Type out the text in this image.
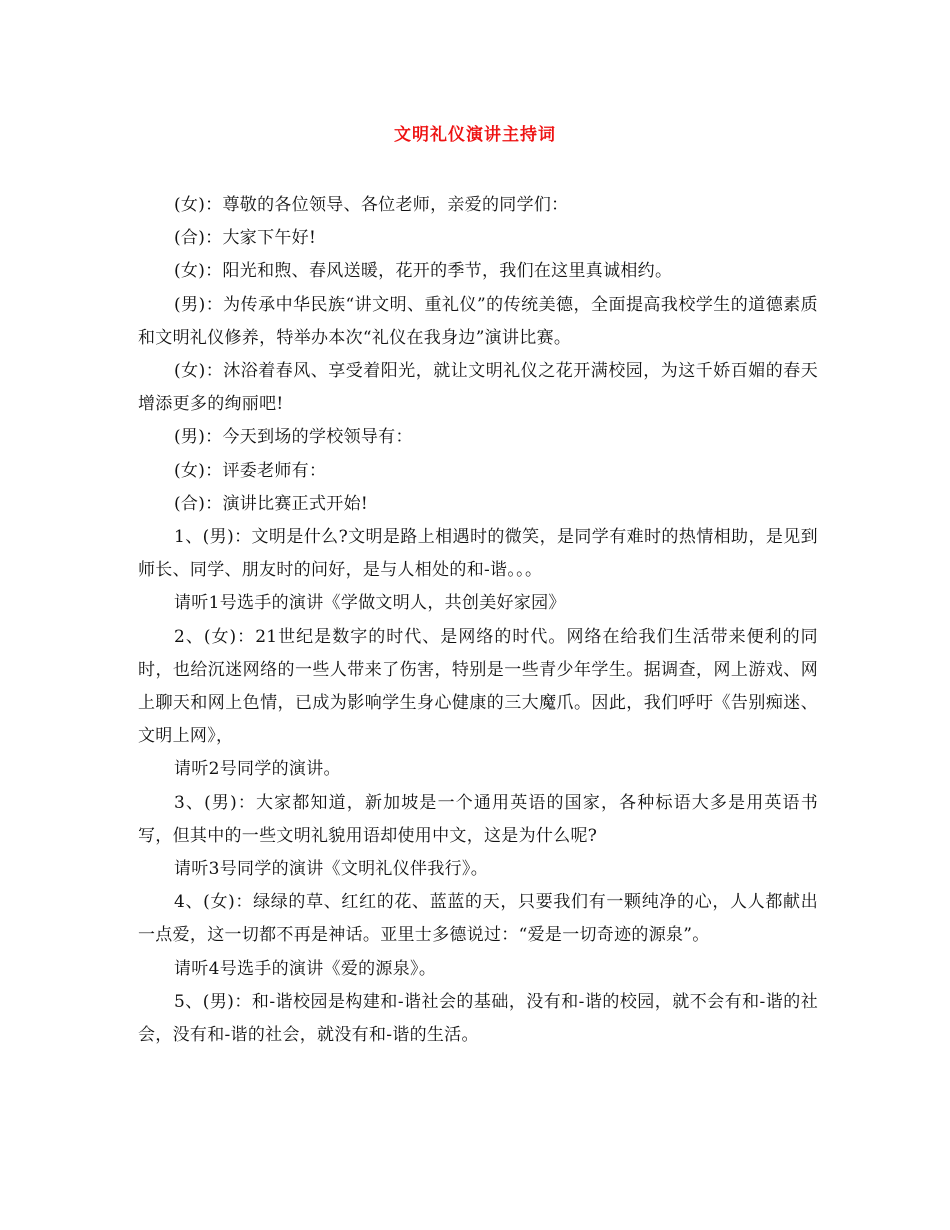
文明礼仪演讲主持词

(女)：尊敬的各位领导、各位老师，亲爱的同学们：

(合)：大家下午好!

(女)：阳光和煦、春风送暖，花开的季节，我们在这里真诚相约。

(男)：为传承中华民族“讲文明、重礼仪”的传统美德，全面提高我校学生的道德素质和文明礼仪修养，特举办本次“礼仪在我身边”演讲比赛。

(女)：沐浴着春风、享受着阳光，就让文明礼仪之花开满校园，为这千娇百媚的春天增添更多的绚丽吧!

(男)：今天到场的学校领导有：

(女)：评委老师有：

(合)：演讲比赛正式开始!

1、(男)：文明是什么?文明是路上相遇时的微笑，是同学有难时的热情相助，是见到师长、同学、朋友时的问好，是与人相处的和-谐。。。

请听1号选手的演讲《学做文明人，共创美好家园》

2、(女)：21世纪是数字的时代、是网络的时代。网络在给我们生活带来便利的同时，也给沉迷网络的一些人带来了伤害，特别是一些青少年学生。据调查，网上游戏、网上聊天和网上色情，已成为影响学生身心健康的三大魔爪。因此，我们呼吁《告别痴迷、文明上网》，

请听2号同学的演讲。

3、(男)：大家都知道，新加坡是一个通用英语的国家，各种标语大多是用英语书写，但其中的一些文明礼貌用语却使用中文，这是为什么呢?

请听3号同学的演讲《文明礼仪伴我行》。

4、(女)：绿绿的草、红红的花、蓝蓝的天，只要我们有一颗纯净的心，人人都献出一点爱，这一切都不再是神话。亚里士多德说过：“爱是一切奇迹的源泉”。

请听4号选手的演讲《爱的源泉》。

5、(男)：和-谐校园是构建和-谐社会的基础，没有和-谐的校园，就不会有和-谐的社会，没有和-谐的社会，就没有和-谐的生活。
